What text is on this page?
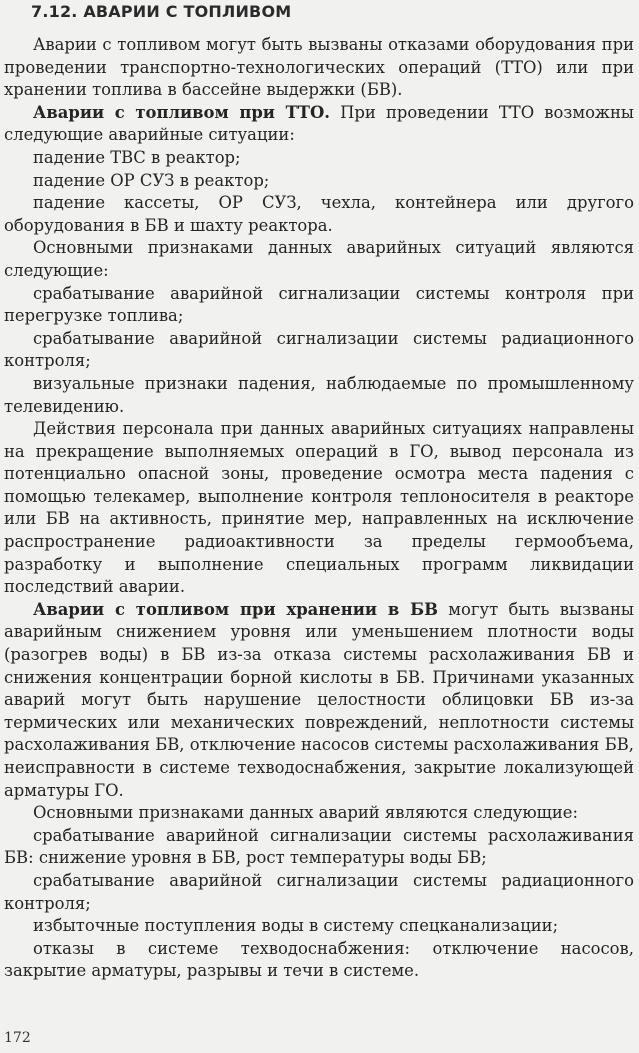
7.12. АВАРИИ С ТОПЛИВОМ

Аварии с топливом могут быть вызваны отказами оборудования при проведении транспортно-технологических операций (ТТО) или при хранении топлива в бассейне выдержки (БВ).

Аварии с топливом при ТТО. При проведении ТТО возможны следующие аварийные ситуации:

падение ТВС в реактор;

падение ОР СУЗ в реактор;

падение кассеты, ОР СУЗ, чехла, контейнера или другого оборудования в БВ и шахту реактора.

Основными признаками данных аварийных ситуаций являются следующие:

срабатывание аварийной сигнализации системы контроля при перегрузке топлива;

срабатывание аварийной сигнализации системы радиационного контроля;

визуальные признаки падения, наблюдаемые по промышленному телевидению.

Действия персонала при данных аварийных ситуациях направлены на прекращение выполняемых операций в ГО, вывод персонала из потенциально опасной зоны, проведение осмотра места падения с помощью телекамер, выполнение контроля теплоносителя в реакторе или БВ на активность, принятие мер, направленных на исключение распространение радиоактивности за пределы гермообъема, разработку и выполнение специальных программ ликвидации последствий аварии.

Аварии с топливом при хранении в БВ могут быть вызваны аварийным снижением уровня или уменьшением плотности воды (разогрев воды) в БВ из-за отказа системы расхолаживания БВ и снижения концентрации борной кислоты в БВ. Причинами указанных аварий могут быть нарушение целостности облицовки БВ из-за термических или механических повреждений, неплотности системы расхолаживания БВ, отключение насосов системы расхолаживания БВ, неисправности в системе техводоснабжения, закрытие локализующей арматуры ГО.

Основными признаками данных аварий являются следующие:

срабатывание аварийной сигнализации системы расхолаживания БВ: снижение уровня в БВ, рост температуры воды БВ;

срабатывание аварийной сигнализации системы радиационного контроля;

избыточные поступления воды в систему спецканализации;

отказы в системе техводоснабжения: отключение насосов, закрытие арматуры, разрывы и течи в системе.

172
